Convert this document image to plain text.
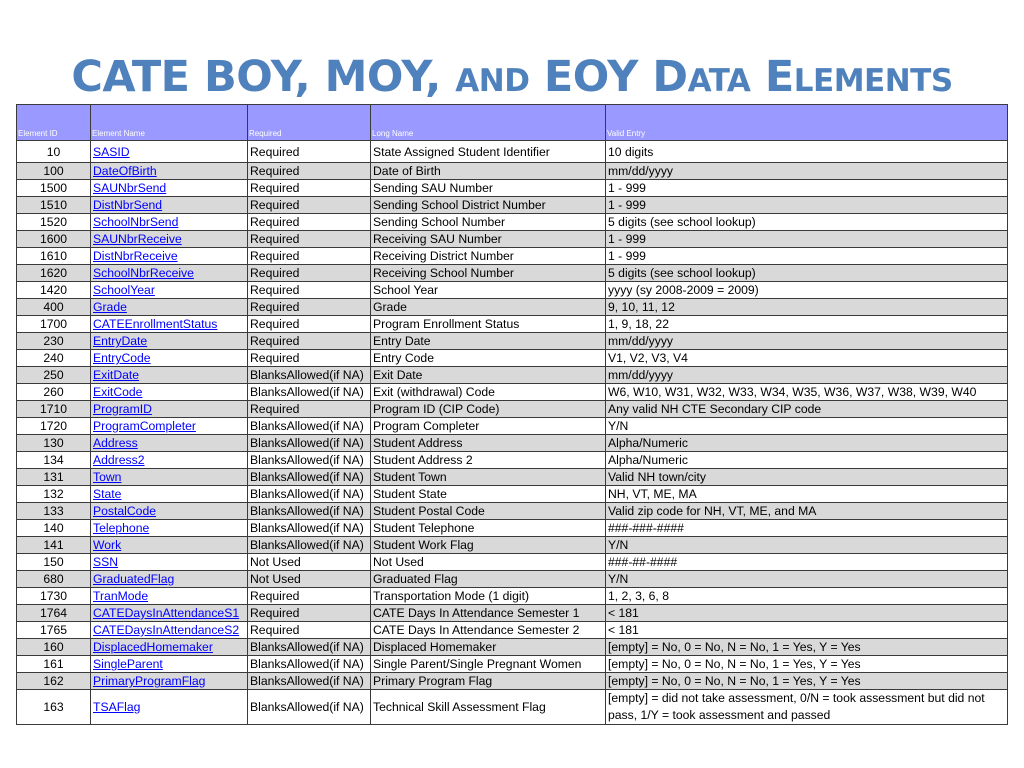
CATE BOY, MOY, AND EOY DATA ELEMENTS
Element ID	Element Name	Required	Long Name	Valid Entry
10	SASID	Required	State Assigned Student Identifier	10 digits
100	DateOfBirth	Required	Date of Birth	mm/dd/yyyy
1500	SAUNbrSend	Required	Sending SAU Number	1 - 999
1510	DistNbrSend	Required	Sending School District Number	1 - 999
1520	SchoolNbrSend	Required	Sending School Number	5 digits (see school lookup)
1600	SAUNbrReceive	Required	Receiving SAU Number	1 - 999
1610	DistNbrReceive	Required	Receiving District Number	1 - 999
1620	SchoolNbrReceive	Required	Receiving School Number	5 digits (see school lookup)
1420	SchoolYear	Required	School Year	yyyy (sy 2008-2009 = 2009)
400	Grade	Required	Grade	9, 10, 11, 12
1700	CATEEnrollmentStatus	Required	Program Enrollment Status	1, 9, 18, 22
230	EntryDate	Required	Entry Date	mm/dd/yyyy
240	EntryCode	Required	Entry Code	V1, V2, V3, V4
250	ExitDate	BlanksAllowed(if NA)	Exit Date	mm/dd/yyyy
260	ExitCode	BlanksAllowed(if NA)	Exit (withdrawal) Code	W6, W10, W31, W32, W33, W34, W35, W36, W37, W38, W39, W40
1710	ProgramID	Required	Program ID (CIP Code)	Any valid NH CTE Secondary CIP code
1720	ProgramCompleter	BlanksAllowed(if NA)	Program Completer	Y/N
130	Address	BlanksAllowed(if NA)	Student Address	Alpha/Numeric
134	Address2	BlanksAllowed(if NA)	Student Address 2	Alpha/Numeric
131	Town	BlanksAllowed(if NA)	Student Town	Valid NH town/city
132	State	BlanksAllowed(if NA)	Student State	NH, VT, ME, MA
133	PostalCode	BlanksAllowed(if NA)	Student Postal Code	Valid zip code for NH, VT, ME, and MA
140	Telephone	BlanksAllowed(if NA)	Student Telephone	###-###-####
141	Work	BlanksAllowed(if NA)	Student Work Flag	Y/N
150	SSN	Not Used	Not Used	###-##-####
680	GraduatedFlag	Not Used	Graduated Flag	Y/N
1730	TranMode	Required	Transportation Mode (1 digit)	1, 2, 3, 6, 8
1764	CATEDaysInAttendanceS1	Required	CATE Days In Attendance Semester 1	< 181
1765	CATEDaysInAttendanceS2	Required	CATE Days In Attendance Semester 2	< 181
160	DisplacedHomemaker	BlanksAllowed(if NA)	Displaced Homemaker	[empty] = No, 0 = No, N = No, 1 = Yes, Y = Yes
161	SingleParent	BlanksAllowed(if NA)	Single Parent/Single Pregnant Women	[empty] = No, 0 = No, N = No, 1 = Yes, Y = Yes
162	PrimaryProgramFlag	BlanksAllowed(if NA)	Primary Program Flag	[empty] = No, 0 = No, N = No, 1 = Yes, Y = Yes
163	TSAFlag	BlanksAllowed(if NA)	Technical Skill Assessment Flag	[empty] = did not take assessment, 0/N = took assessment but did not pass, 1/Y = took assessment and passed
